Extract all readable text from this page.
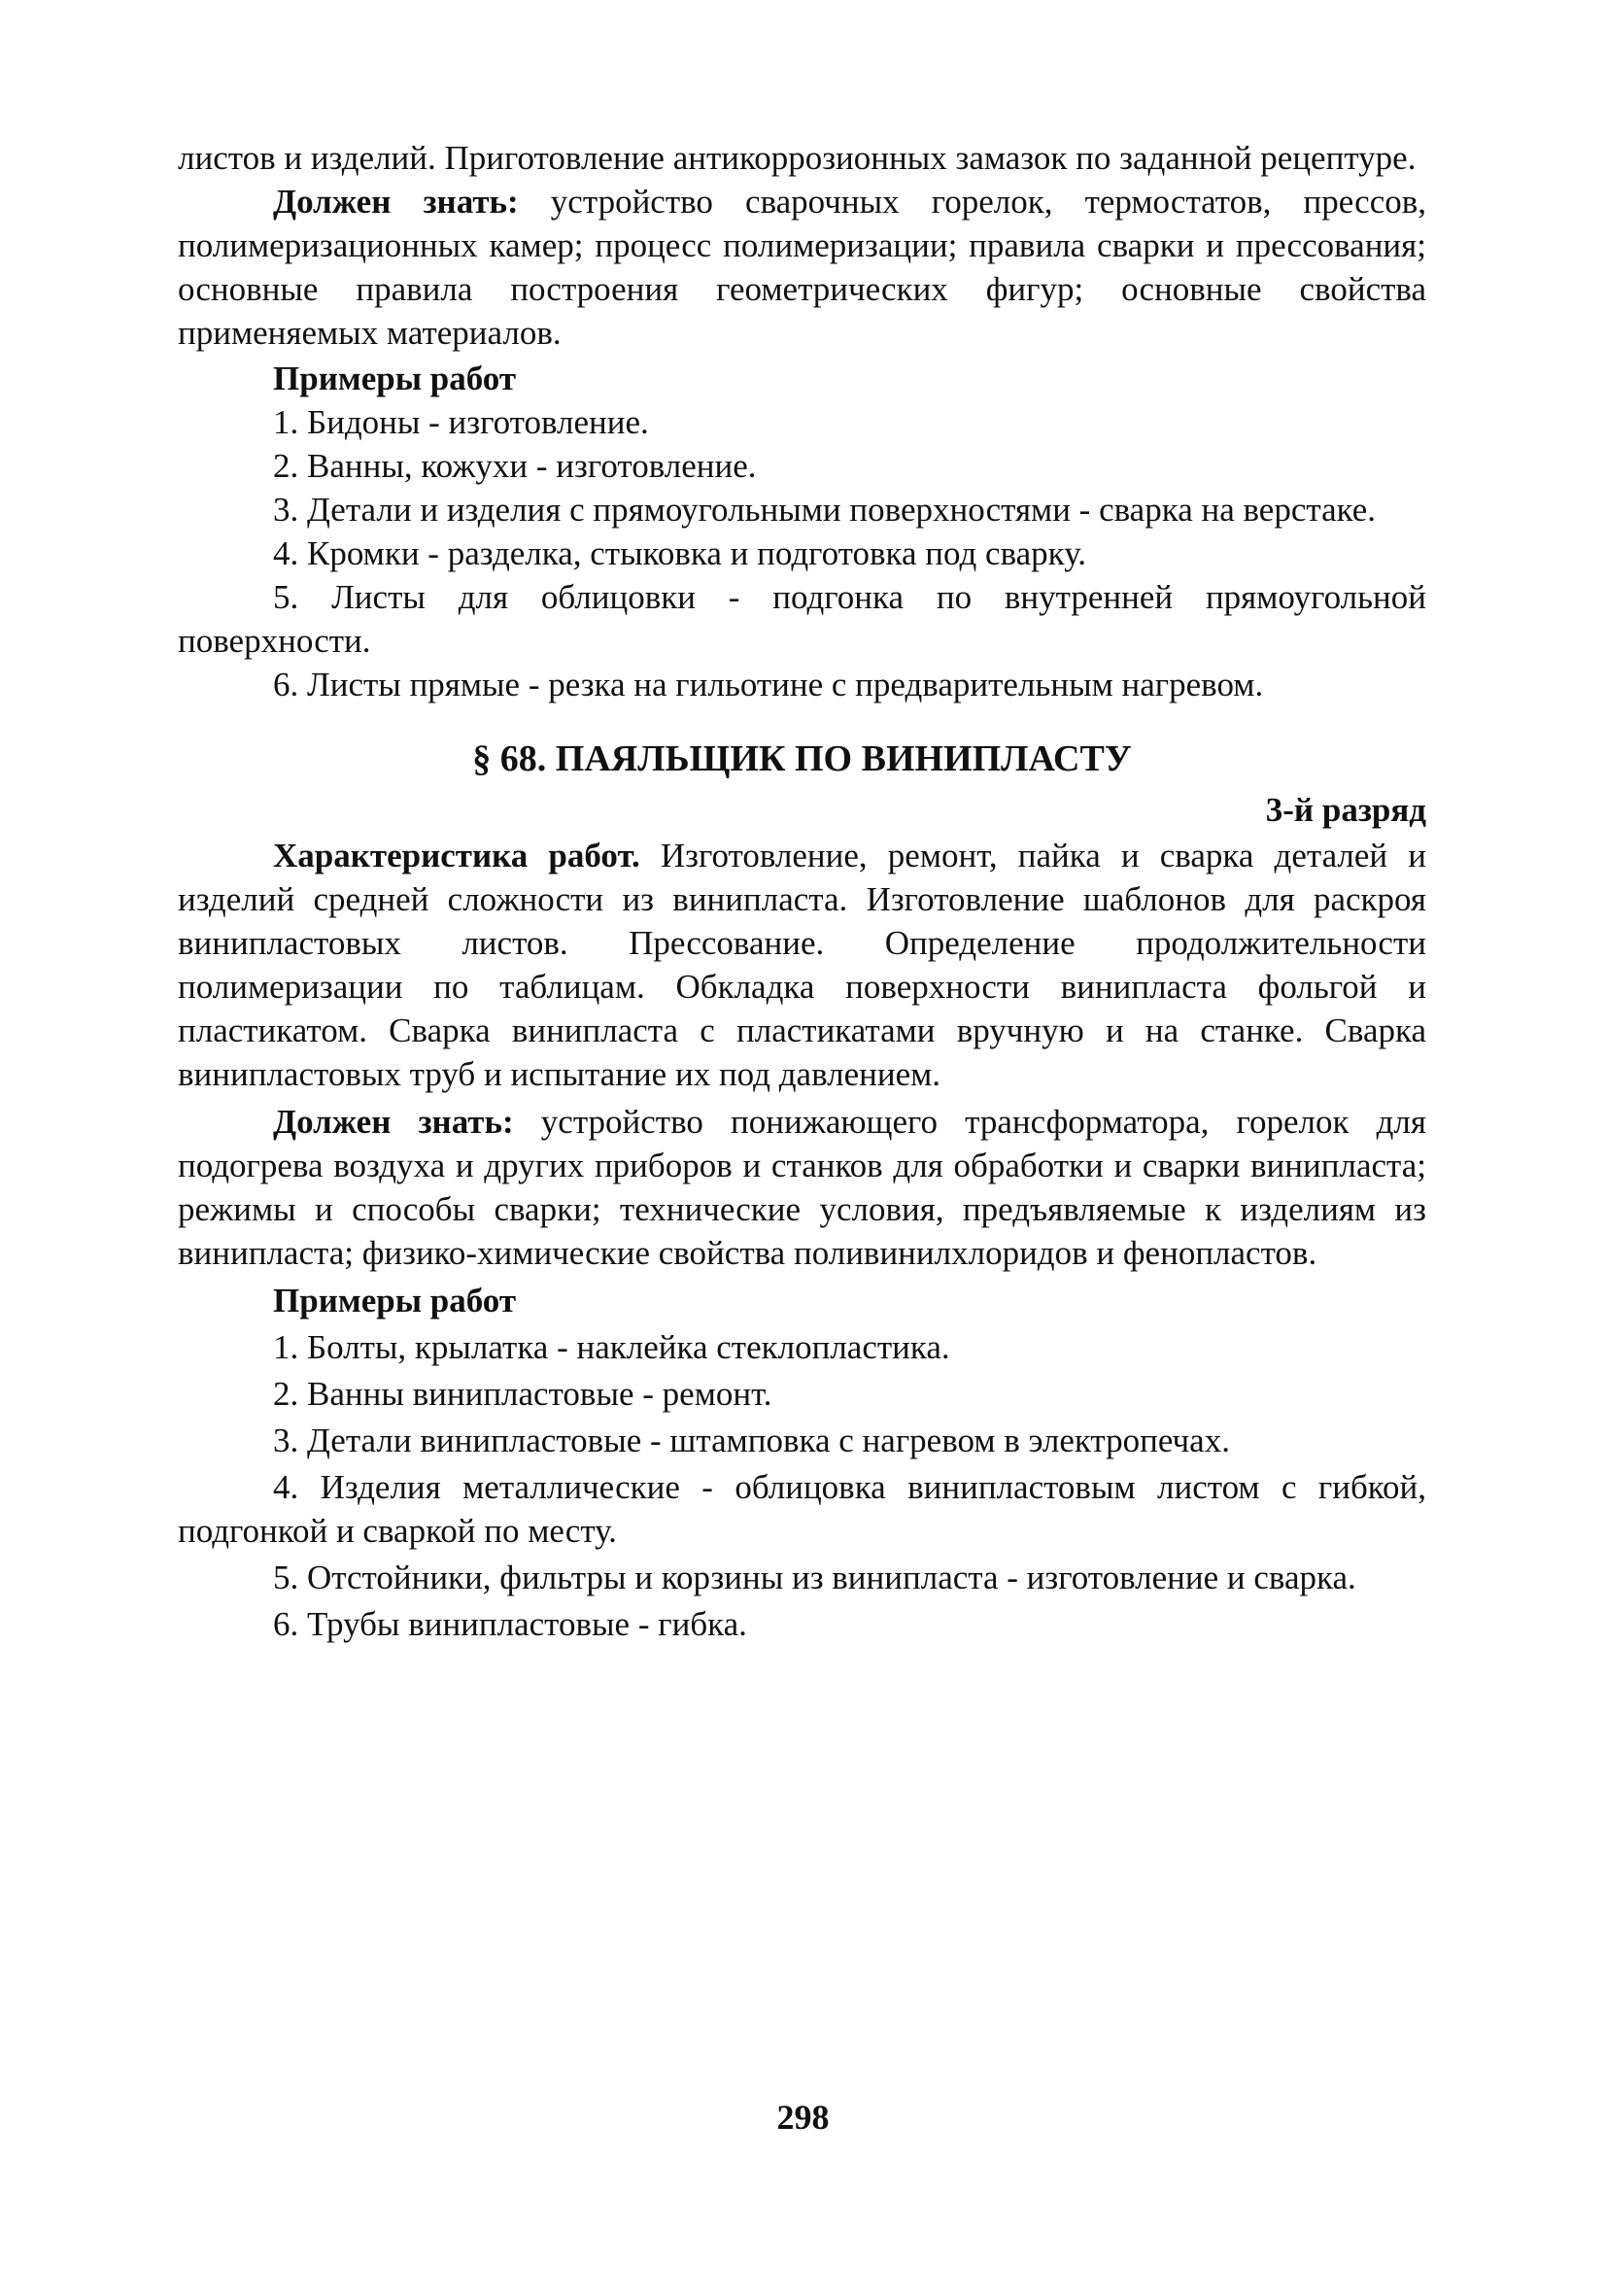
листов и изделий. Приготовление антикоррозионных замазок по заданной рецептуре.

Должен знать: устройство сварочных горелок, термостатов, прессов, полимеризационных камер; процесс полимеризации; правила сварки и прессования; основные правила построения геометрических фигур; основные свойства применяемых материалов.

Примеры работ

1. Бидоны - изготовление.

2. Ванны, кожухи - изготовление.

3. Детали и изделия с прямоугольными поверхностями - сварка на верстаке.

4. Кромки - разделка, стыковка и подготовка под сварку.

5. Листы для облицовки - подгонка по внутренней прямоугольной поверхности.

6. Листы прямые - резка на гильотине с предварительным нагревом.

§ 68. ПАЯЛЬЩИК ПО ВИНИПЛАСТУ
3-й разряд

Характеристика работ. Изготовление, ремонт, пайка и сварка деталей и изделий средней сложности из винипласта. Изготовление шаблонов для раскроя винипластовых листов. Прессование. Определение продолжительности полимеризации по таблицам. Обкладка поверхности винипласта фольгой и пластикатом. Сварка винипласта с пластикатами вручную и на станке. Сварка винипластовых труб и испытание их под давлением.

Должен знать: устройство понижающего трансформатора, горелок для подогрева воздуха и других приборов и станков для обработки и сварки винипласта; режимы и способы сварки; технические условия, предъявляемые к изделиям из винипласта; физико-химические свойства поливинилхлоридов и фенопластов.

Примеры работ

1. Болты, крылатка - наклейка стеклопластика.

2. Ванны винипластовые - ремонт.

3. Детали винипластовые - штамповка с нагревом в электропечах.

4. Изделия металлические - облицовка винипластовым листом с гибкой, подгонкой и сваркой по месту.

5. Отстойники, фильтры и корзины из винипласта - изготовление и сварка.

6. Трубы винипластовые - гибка.

298
